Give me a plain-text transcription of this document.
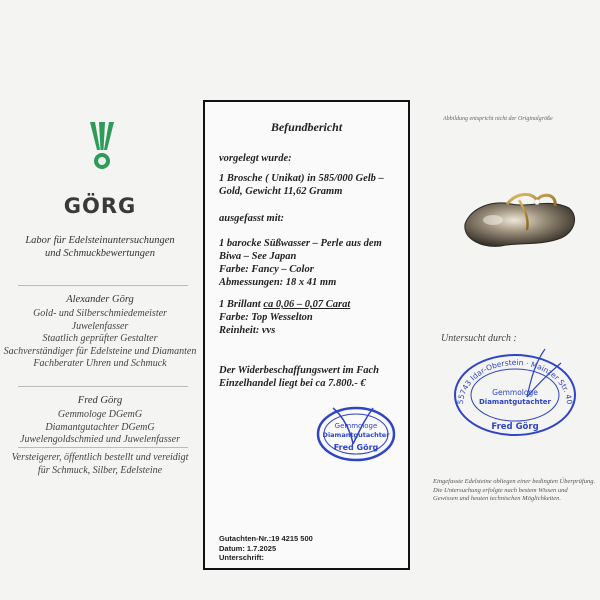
GÖRG
Labor für Edelsteinuntersuchungen
und Schmuckbewertungen
Alexander Görg
Gold- und Silberschmiedemeister
Juwelenfasser
Staatlich geprüfter Gestalter
Sachverständiger für Edelsteine und Diamanten
Fachberater Uhren und Schmuck
Fred Görg
Gemmologe DGemG
Diamantgutachter DGemG
Juwelengoldschmied und Juwelenfasser
Versteigerer, öffentlich bestellt und vereidigt
für Schmuck, Silber, Edelsteine
Befundbericht
vorgelegt wurde:
1 Brosche ( Unikat) in 585/000 Gelb –
Gold, Gewicht 11,62 Gramm
ausgefasst mit:
1 barocke Süßwasser – Perle aus dem
Biwa – See Japan
Farbe: Fancy – Color
Abmessungen: 18 x 41 mm
1 Brillant ca 0,06 – 0,07 Carat
Farbe: Top Wesselton
Reinheit: vvs
Der Widerbeschaffungswert im Fach
Einzelhandel liegt bei ca 7.800.- €
Gutachten-Nr.:19 4215 500
Datum: 1.7.2025
Unterschrift:
Gemmologe
Diamantgutachter
Fred Görg
Abbildung entspricht nicht der Originalgröße
Untersucht durch :
55743 Idar-Oberstein · Mainzer Str. 40
Gemmologe
Diamantgutachter
Fred Görg
Eingefasste Edelsteine obliegen einer bedingten Überprüfung.
Die Untersuchung erfolgte nach bestem Wissen und
Gewissen und heuten technischen Möglichkeiten.
